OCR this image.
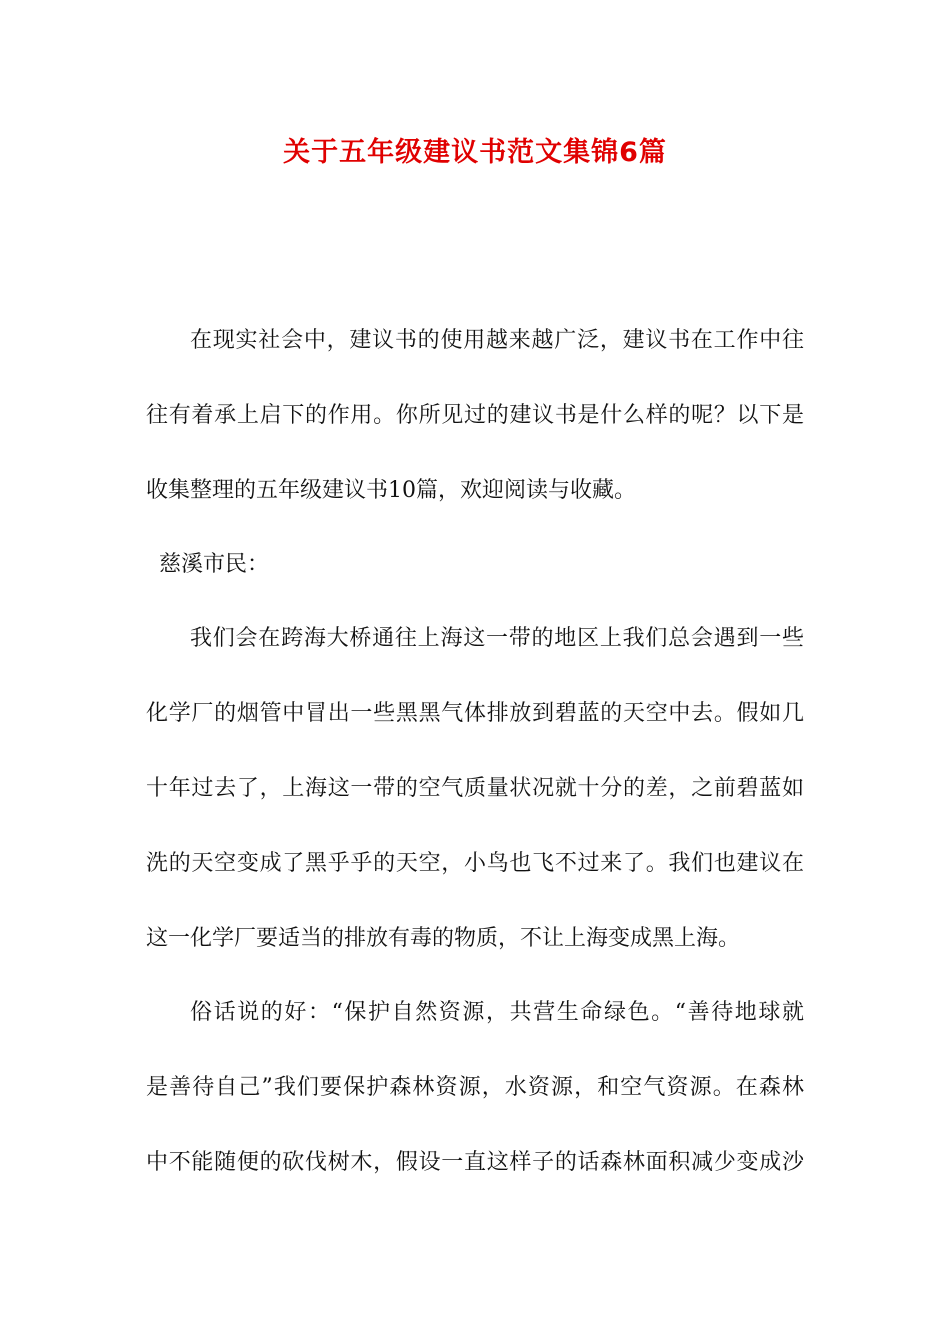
关于五年级建议书范文集锦6篇
在现实社会中，建议书的使用越来越广泛，建议书在工作中往
往有着承上启下的作用。你所见过的建议书是什么样的呢？以下是
收集整理的五年级建议书10篇，欢迎阅读与收藏。
慈溪市民：
我们会在跨海大桥通往上海这一带的地区上我们总会遇到一些
化学厂的烟管中冒出一些黑黑气体排放到碧蓝的天空中去。假如几
十年过去了，上海这一带的空气质量状况就十分的差，之前碧蓝如
洗的天空变成了黑乎乎的天空，小鸟也飞不过来了。我们也建议在
这一化学厂要适当的排放有毒的物质，不让上海变成黑上海。
俗话说的好：“保护自然资源，共营生命绿色。“善待地球就
是善待自己”我们要保护森林资源，水资源，和空气资源。在森林
中不能随便的砍伐树木，假设一直这样子的话森林面积减少变成沙
